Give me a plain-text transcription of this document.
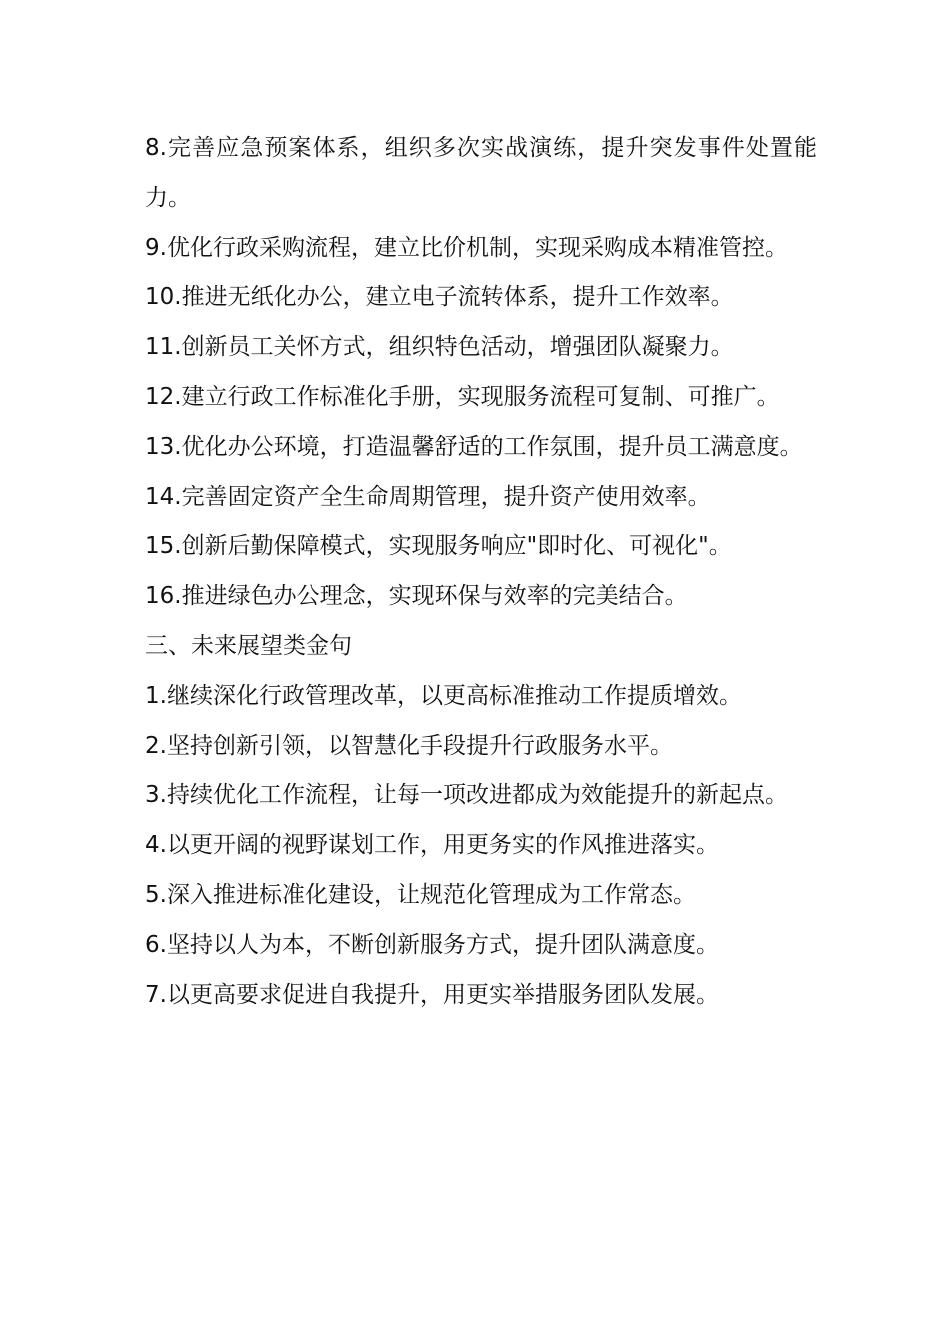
8.完善应急预案体系，组织多次实战演练，提升突发事件处置能力。

9.优化行政采购流程，建立比价机制，实现采购成本精准管控。

10.推进无纸化办公，建立电子流转体系，提升工作效率。

11.创新员工关怀方式，组织特色活动，增强团队凝聚力。

12.建立行政工作标准化手册，实现服务流程可复制、可推广。

13.优化办公环境，打造温馨舒适的工作氛围，提升员工满意度。

14.完善固定资产全生命周期管理，提升资产使用效率。

15.创新后勤保障模式，实现服务响应"即时化、可视化"。

16.推进绿色办公理念，实现环保与效率的完美结合。

三、未来展望类金句

1.继续深化行政管理改革，以更高标准推动工作提质增效。

2.坚持创新引领，以智慧化手段提升行政服务水平。

3.持续优化工作流程，让每一项改进都成为效能提升的新起点。

4.以更开阔的视野谋划工作，用更务实的作风推进落实。

5.深入推进标准化建设，让规范化管理成为工作常态。

6.坚持以人为本，不断创新服务方式，提升团队满意度。

7.以更高要求促进自我提升，用更实举措服务团队发展。
